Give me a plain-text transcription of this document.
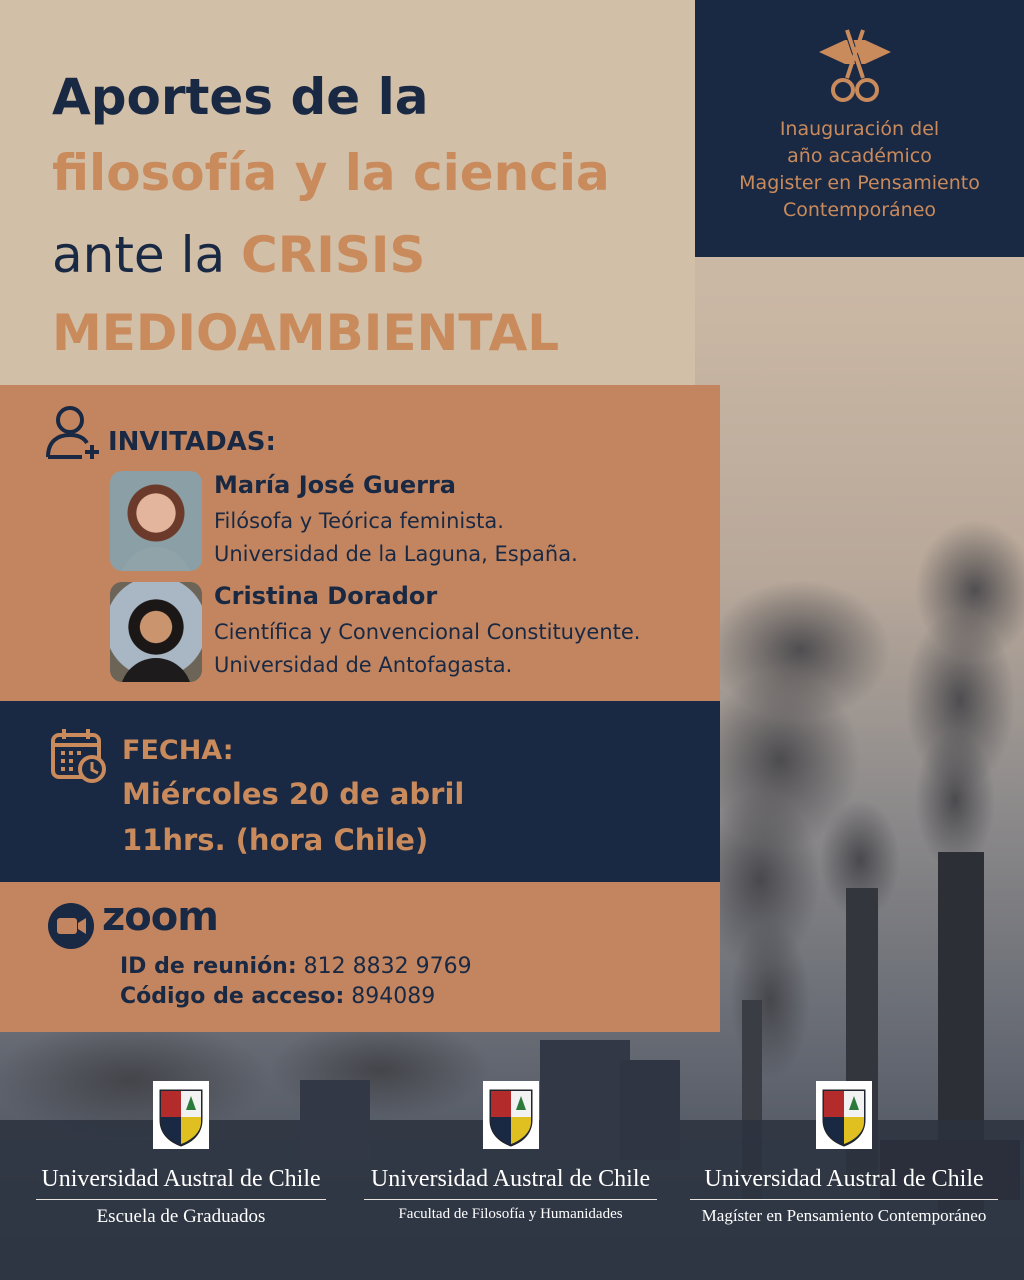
Aportes de la
filosofía y la ciencia
ante la CRISIS
MEDIOAMBIENTAL
Inauguración del
año académico
Magister en Pensamiento
Contemporáneo
INVITADAS:
María José Guerra
Filósofa y Teórica feminista.
Universidad de la Laguna, España.
Cristina Dorador
Científica y Convencional Constituyente.
Universidad de Antofagasta.
FECHA:
Miércoles 20 de abril
11hrs. (hora Chile)
zoom
ID de reunión: 812 8832 9769
Código de acceso: 894089
Universidad Austral de Chile
Escuela de Graduados
Universidad Austral de Chile
Facultad de Filosofía y Humanidades
Universidad Austral de Chile
Magíster en Pensamiento Contemporáneo
